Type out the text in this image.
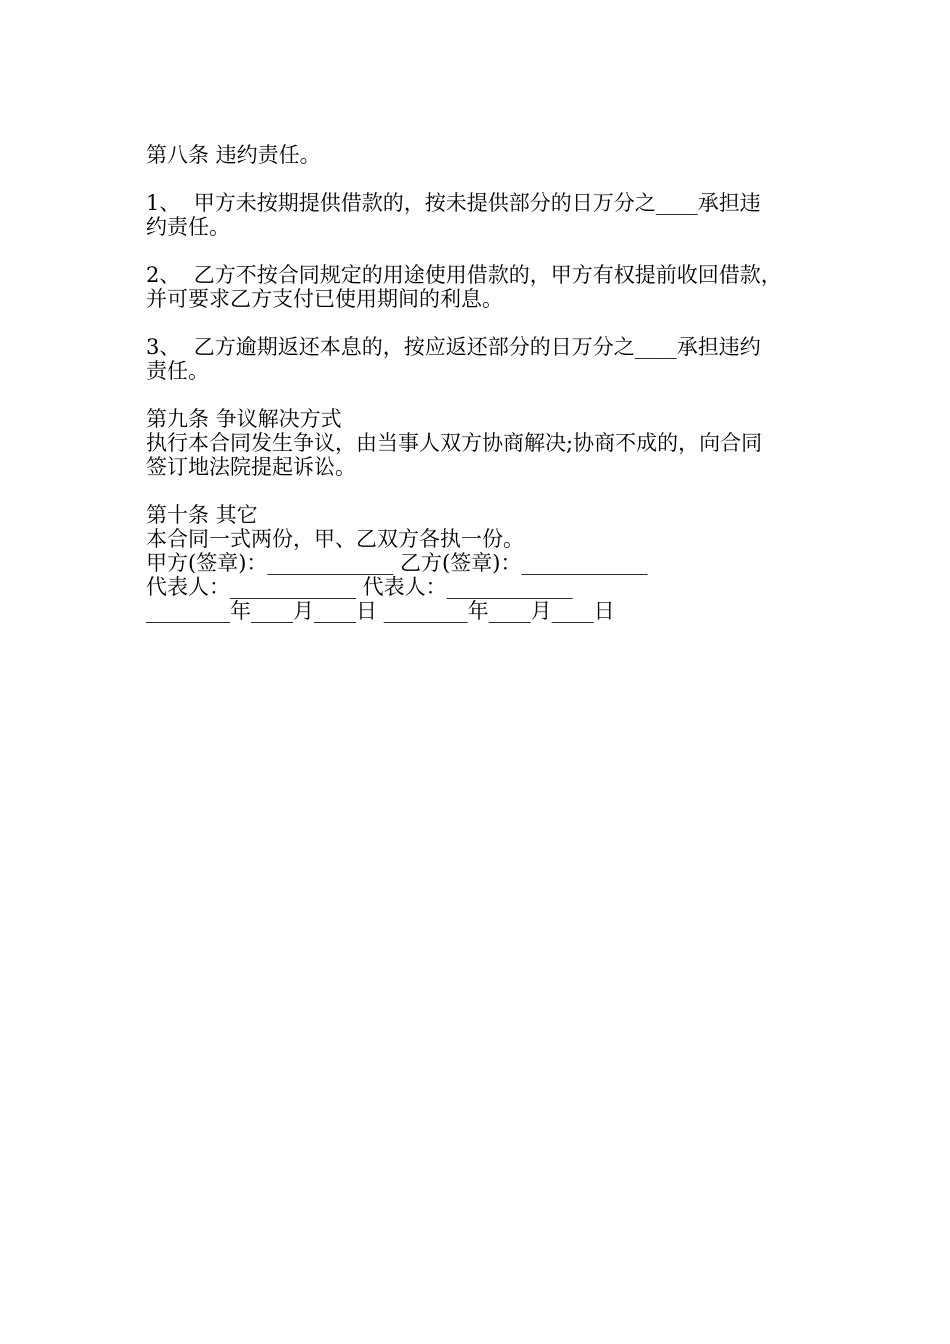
第八条 违约责任。

1、  甲方未按期提供借款的，按未提供部分的日万分之____承担违

约责任。

2、  乙方不按合同规定的用途使用借款的，甲方有权提前收回借款，

并可要求乙方支付已使用期间的利息。

3、  乙方逾期返还本息的，按应返还部分的日万分之____承担违约

责任。

第九条 争议解决方式

执行本合同发生争议，由当事人双方协商解决;协商不成的，向合同

签订地法院提起诉讼。

第十条 其它

本合同一式两份，甲、乙双方各执一份。

甲方(签章)：____________ 乙方(签章)：____________

代表人：____________ 代表人：____________

________年____月____日 ________年____月____日
